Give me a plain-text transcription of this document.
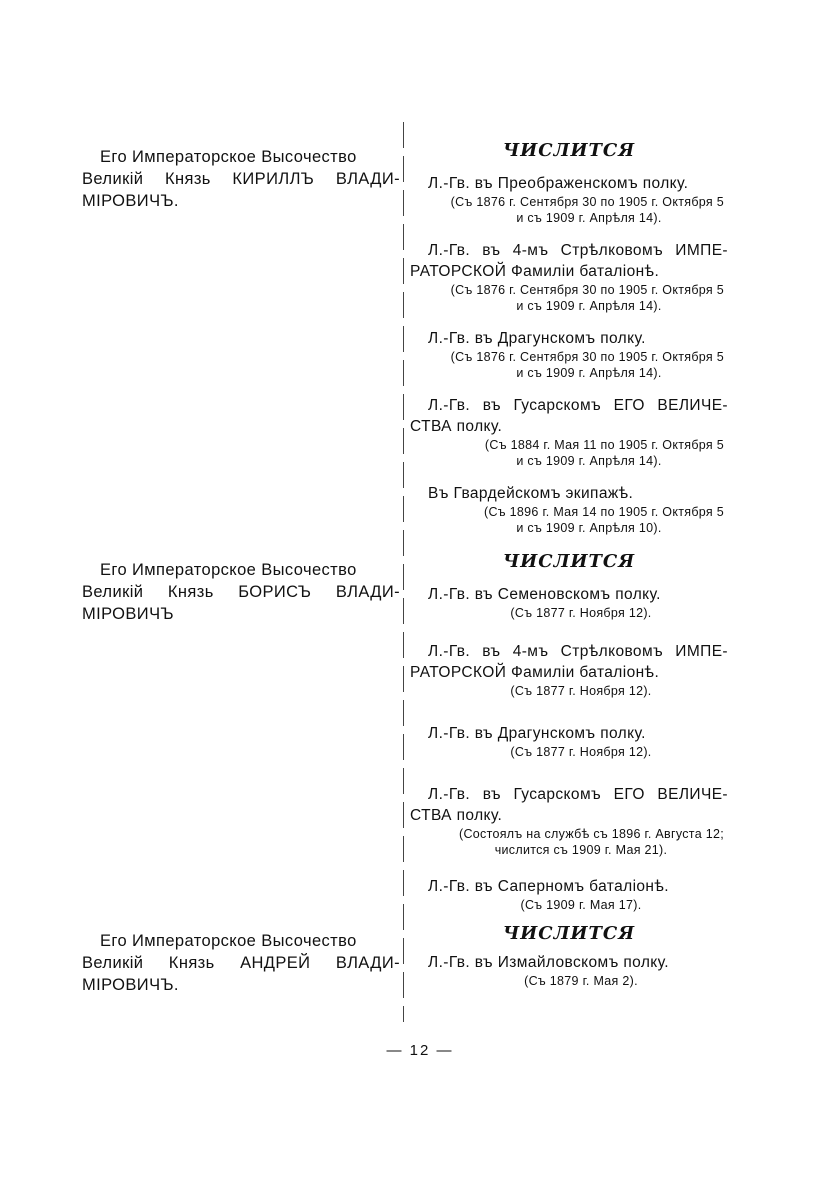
Его Императорское Высочество
Великій Князь КИРИЛЛЪ ВЛАДИ-
МІРОВИЧЪ.
ЧИСЛИТСЯ
Л.-Гв. въ Преображенскомъ полку.
(Съ 1876 г. Сентября 30 по 1905 г. Октября 5
и съ 1909 г. Апрѣля 14).
Л.-Гв. въ 4-мъ Стрѣлковомъ ИМПЕ-
РАТОРСКОЙ Фамиліи баталіонѣ.
(Съ 1876 г. Сентября 30 по 1905 г. Октября 5
и съ 1909 г. Апрѣля 14).
Л.-Гв. въ Драгунскомъ полку.
(Съ 1876 г. Сентября 30 по 1905 г. Октября 5
и съ 1909 г. Апрѣля 14).
Л.-Гв. въ Гусарскомъ ЕГО ВЕЛИЧЕ-
СТВА полку.
(Съ 1884 г. Мая 11 по 1905 г. Октября 5
и съ 1909 г. Апрѣля 14).
Въ Гвардейскомъ экипажѣ.
(Съ 1896 г. Мая 14 по 1905 г. Октября 5
и съ 1909 г. Апрѣля 10).
Его Императорское Высочество
Великій Князь БОРИСЪ ВЛАДИ-
МІРОВИЧЪ
ЧИСЛИТСЯ
Л.-Гв. въ Семеновскомъ полку.
(Съ 1877 г. Ноября 12).
Л.-Гв. въ 4-мъ Стрѣлковомъ ИМПЕ-
РАТОРСКОЙ Фамиліи баталіонѣ.
(Съ 1877 г. Ноября 12).
Л.-Гв. въ Драгунскомъ полку.
(Съ 1877 г. Ноября 12).
Л.-Гв. въ Гусарскомъ ЕГО ВЕЛИЧЕ-
СТВА полку.
(Состоялъ на службѣ съ 1896 г. Августа 12;
числится съ 1909 г. Мая 21).
Л.-Гв. въ Саперномъ баталіонѣ.
(Съ 1909 г. Мая 17).
Его Императорское Высочество
Великій Князь АНДРЕЙ ВЛАДИ-
МІРОВИЧЪ.
ЧИСЛИТСЯ
Л.-Гв. въ Измайловскомъ полку.
(Съ 1879 г. Мая 2).
— 12 —
